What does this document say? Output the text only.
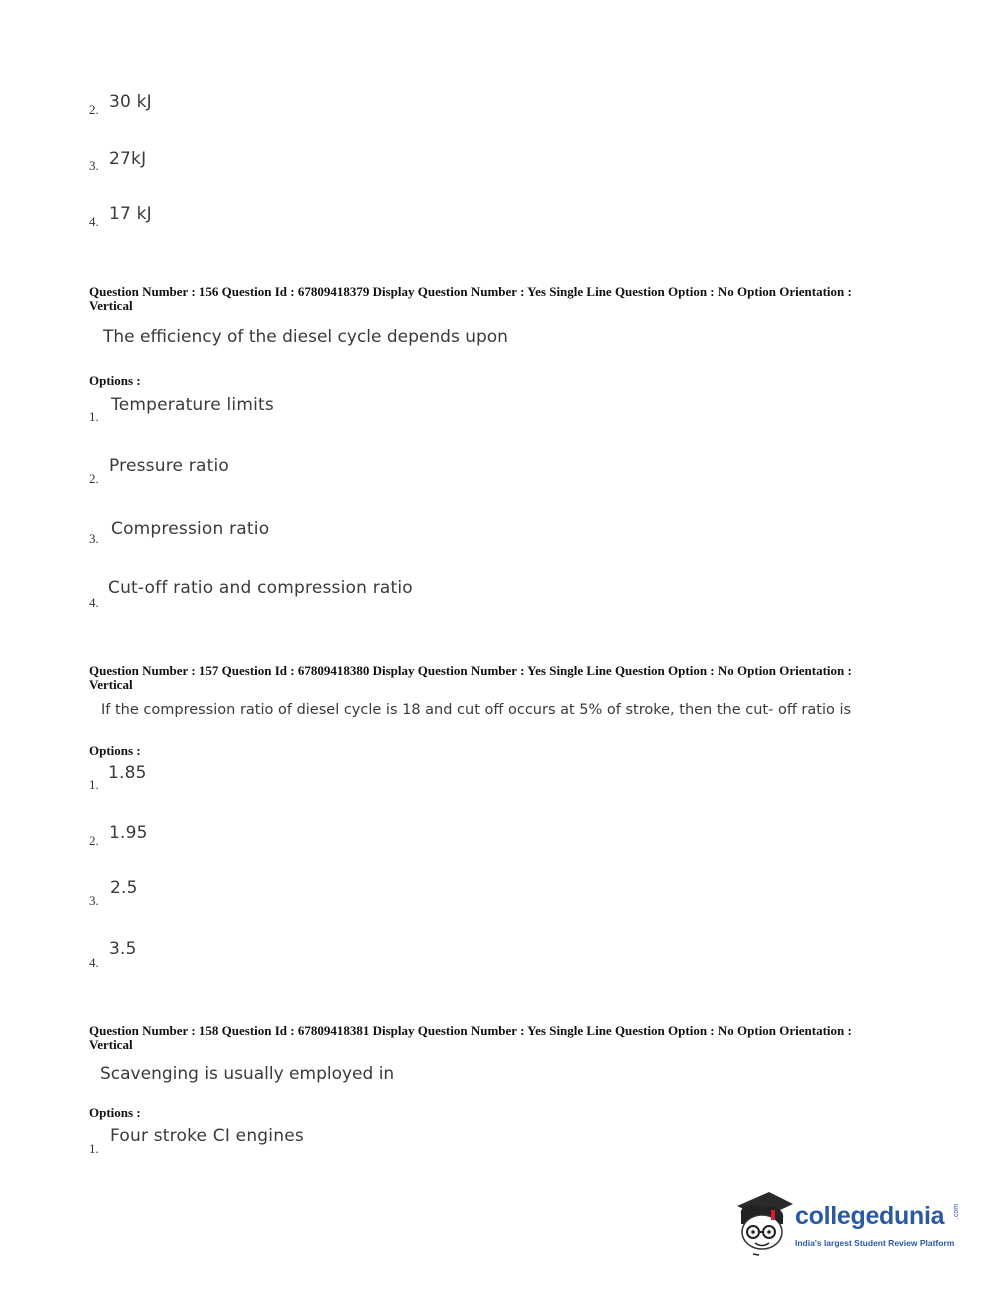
2. 30 kJ
3. 27kJ
4. 17 kJ
Question Number : 156 Question Id : 67809418379 Display Question Number : Yes Single Line Question Option : No Option Orientation : Vertical
The efficiency of the diesel cycle depends upon
Options :
1.
Temperature limits
2.
Pressure ratio
3. Compression ratio
4.
Cut-off ratio and compression ratio
Question Number : 157 Question Id : 67809418380 Display Question Number : Yes Single Line Question Option : No Option Orientation : Vertical
If the compression ratio of diesel cycle is 18 and cut off occurs at 5% of stroke, then the cut- off ratio is
Options :
1.
1.85
2. 1.95
3.
2.5
4.
3.5
Question Number : 158 Question Id : 67809418381 Display Question Number : Yes Single Line Question Option : No Option Orientation : Vertical
Scavenging is usually employed in
Options :
1.
Four stroke CI engines
collegedunia .com
India's largest Student Review Platform
